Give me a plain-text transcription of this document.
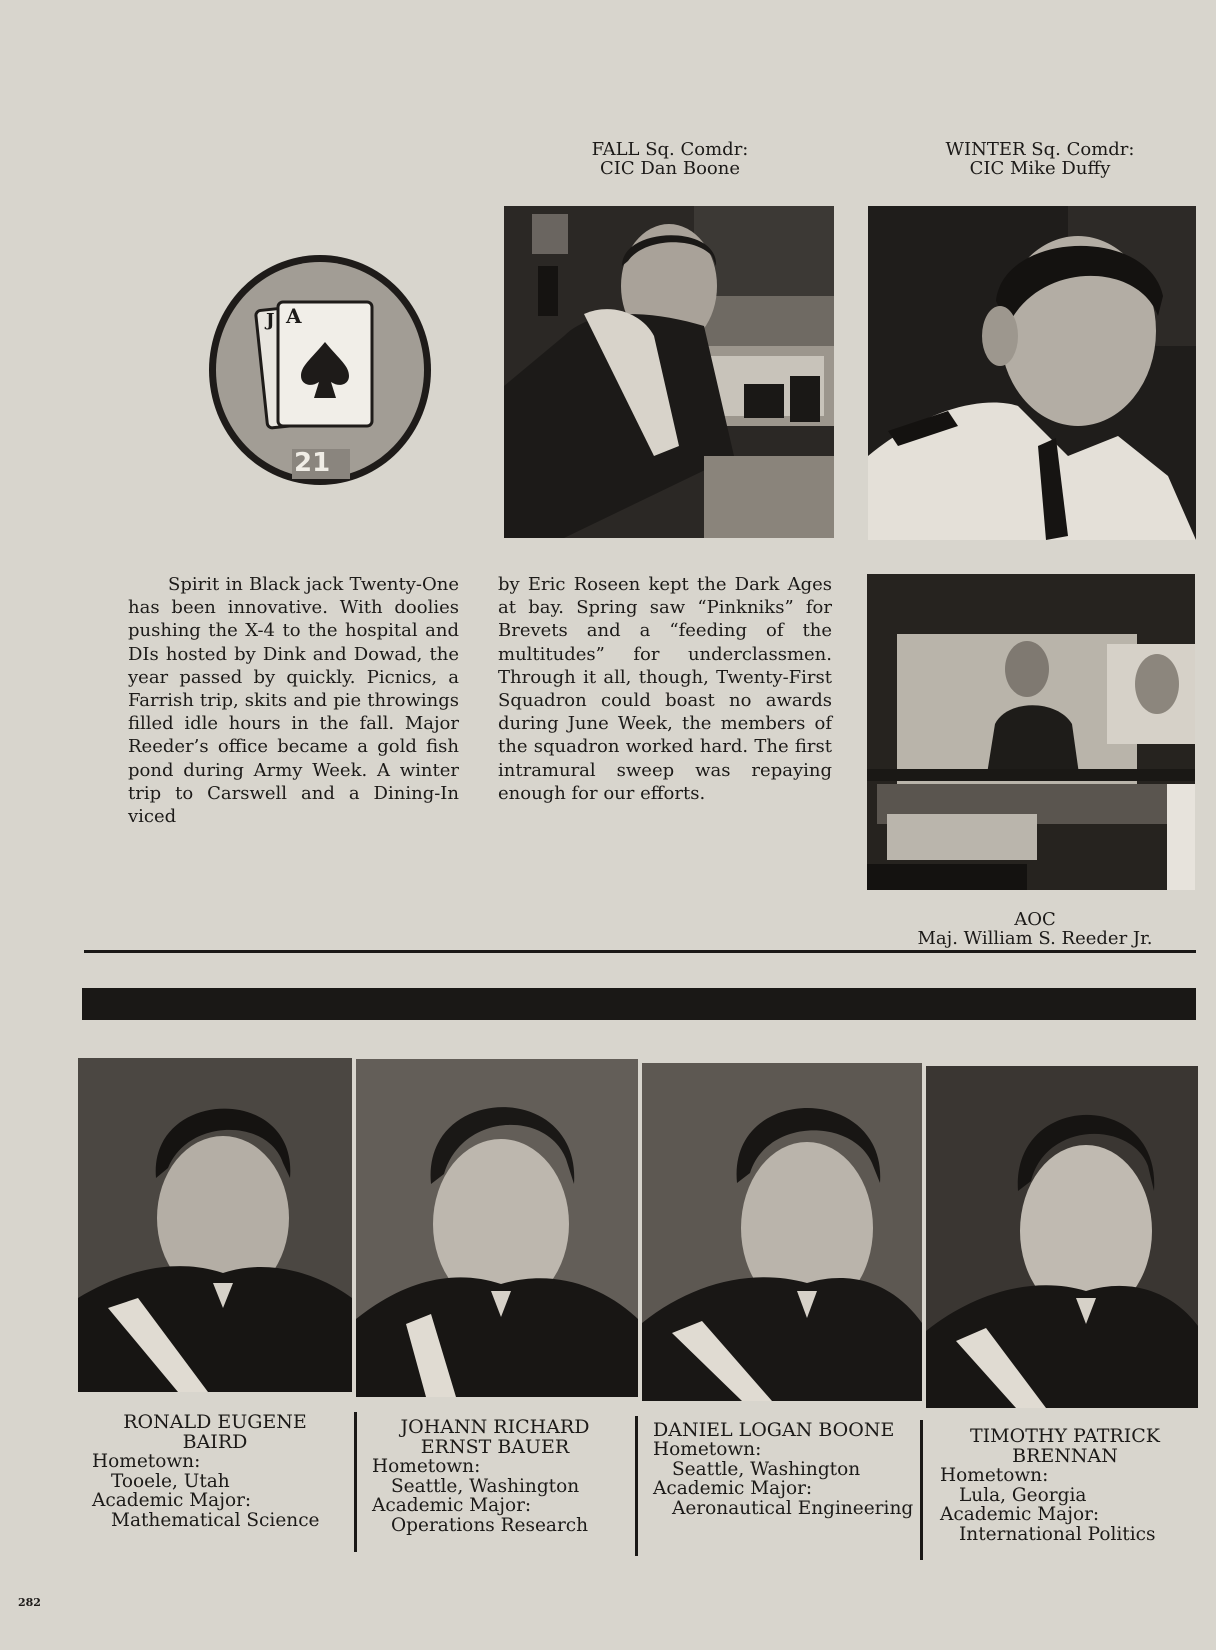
J A
21
FALL Sq. Comdr:
CIC Dan Boone
WINTER Sq. Comdr:
CIC Mike Duffy

Spirit in Black jack Twenty-One has been innovative. With doolies pushing the X-4 to the hospital and DIs hosted by Dink and Dowad, the year passed by quickly. Picnics, a Farrish trip, skits and pie throwings filled idle hours in the fall. Major Reeder’s office became a gold fish pond during Army Week. A winter trip to Carswell and a Dining-In viced

by Eric Roseen kept the Dark Ages at bay. Spring saw “Pinkniks” for Brevets and a “feeding of the multitudes” for underclassmen. Through it all, though, Twenty-First Squadron could boast no awards during June Week, the members of the squadron worked hard. The first intramural sweep was repaying enough for our efforts.

AOC
Maj. William S. Reeder Jr.
RONALD EUGENE
BAIRD
Hometown:
Tooele, Utah
Academic Major:
Mathematical Science
JOHANN RICHARD
ERNST BAUER
Hometown:
Seattle, Washington
Academic Major:
Operations Research
DANIEL LOGAN BOONE
Hometown:
Seattle, Washington
Academic Major:
Aeronautical Engineering
TIMOTHY PATRICK
BRENNAN
Hometown:
Lula, Georgia
Academic Major:
International Politics
282
